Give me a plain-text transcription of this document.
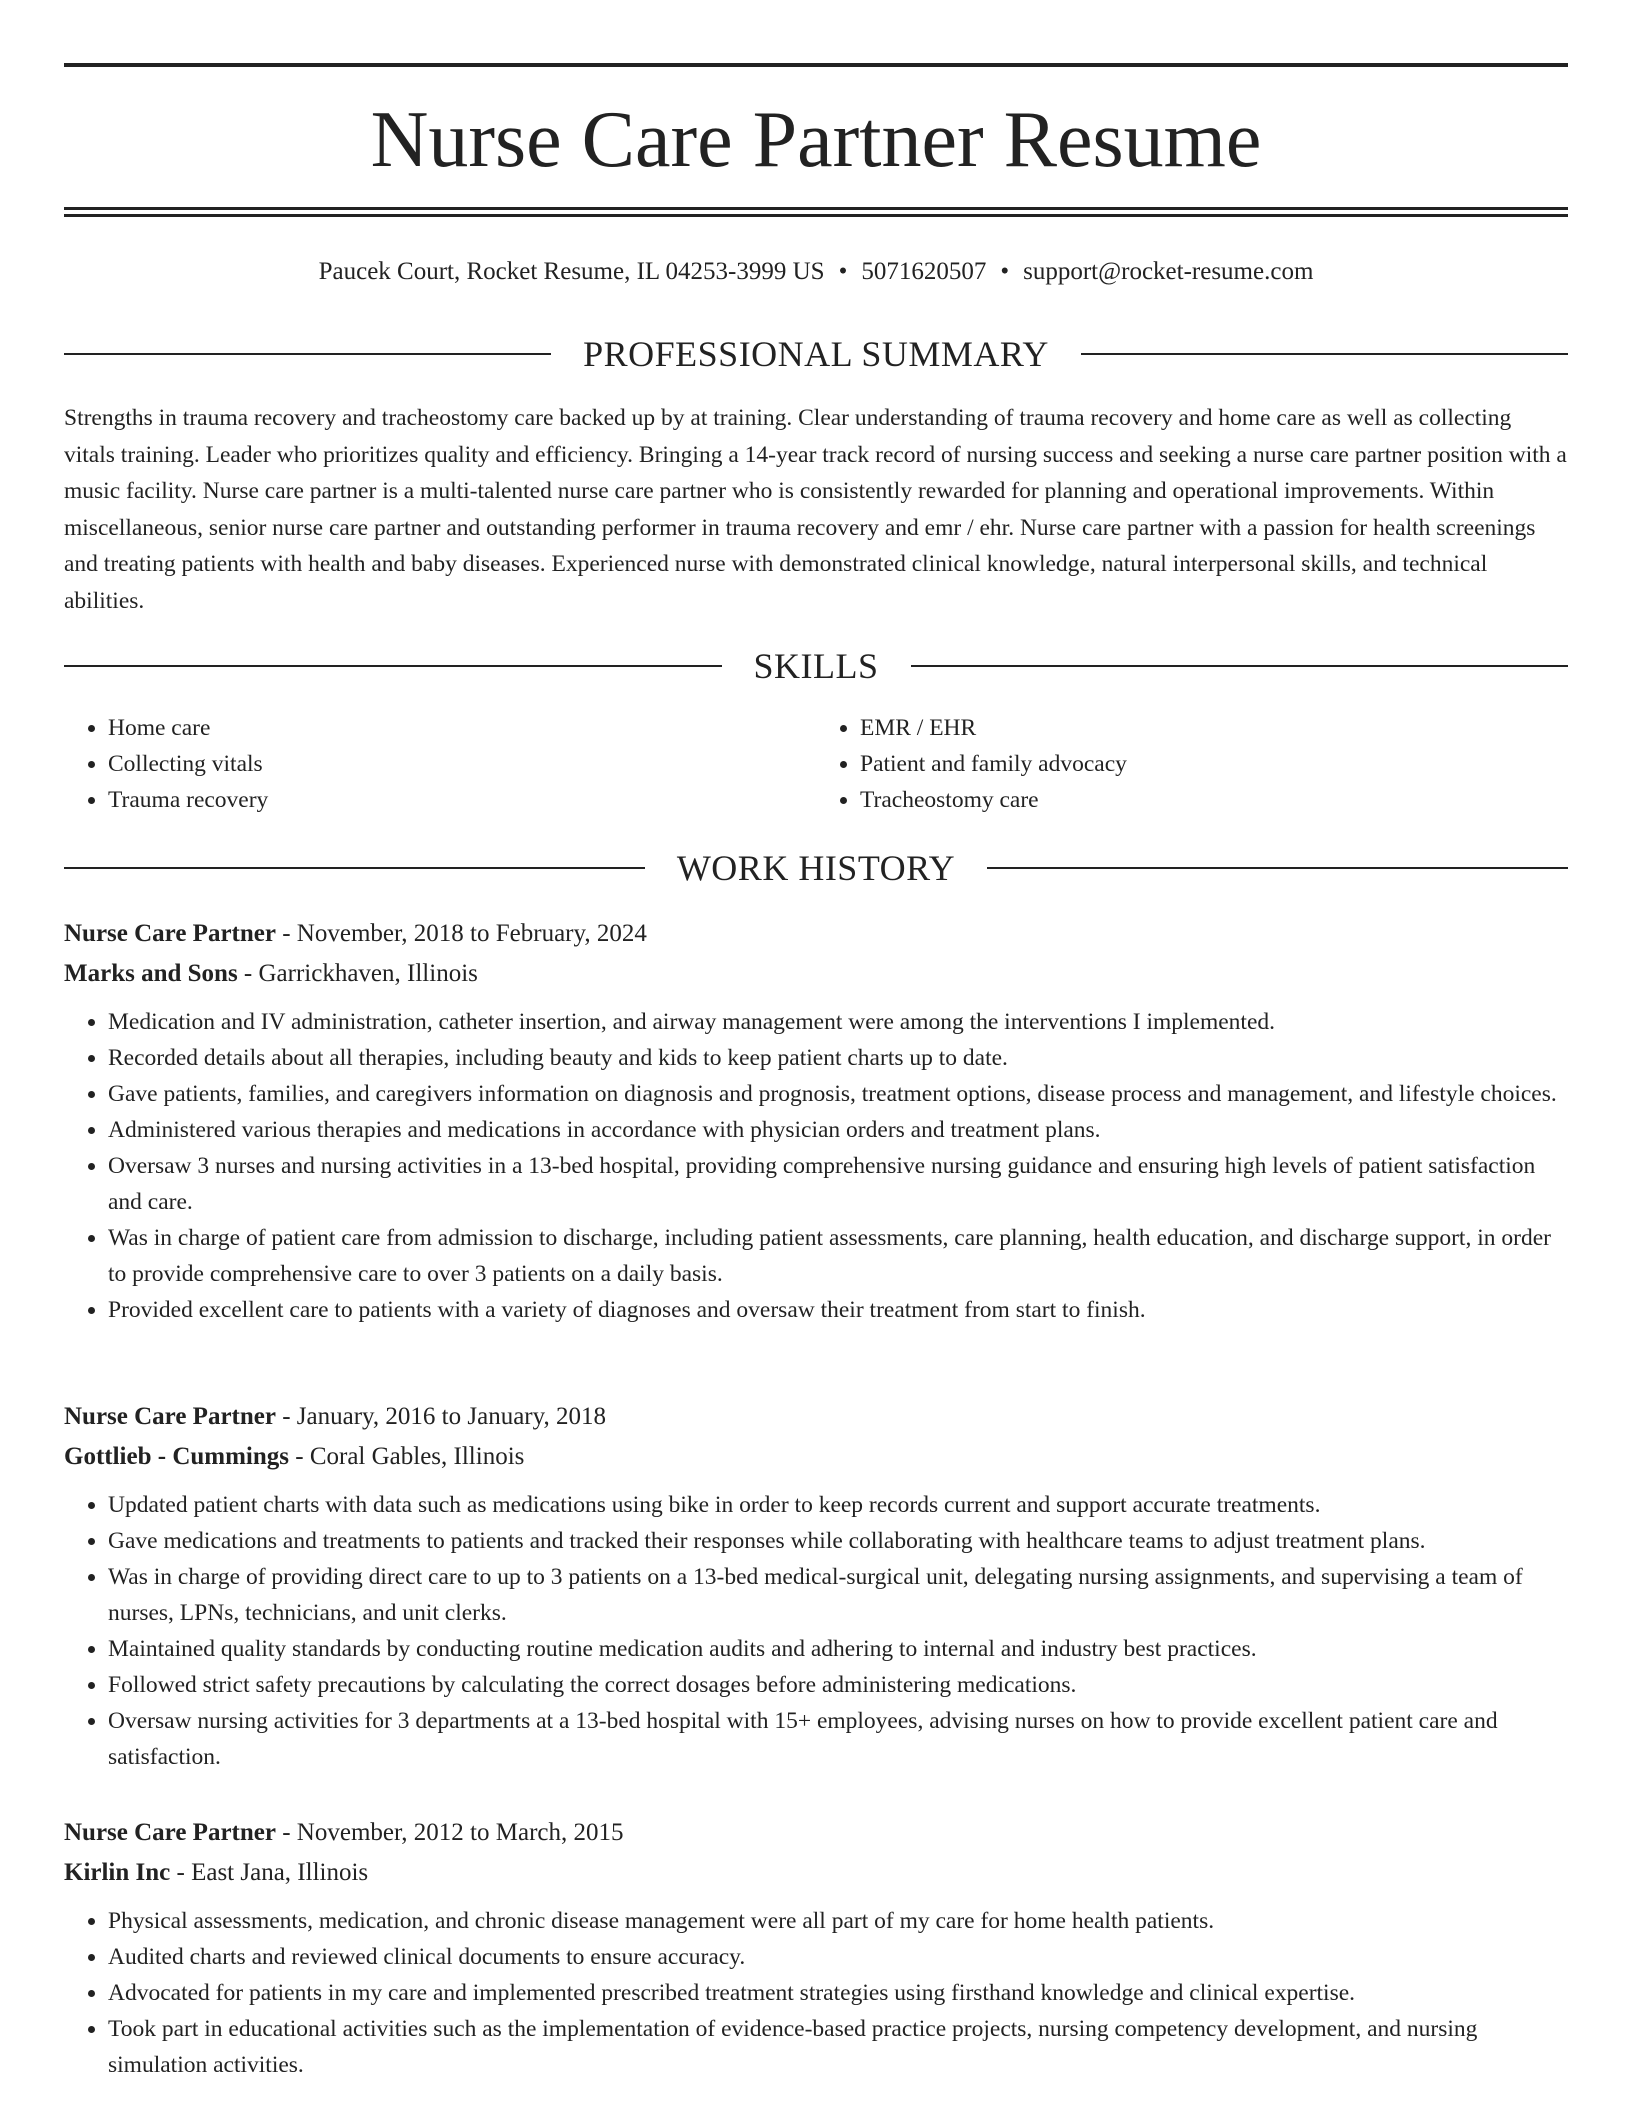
Nurse Care Partner Resume
Paucek Court, Rocket Resume, IL 04253-3999 US • 5071620507 • support@rocket-resume.com
PROFESSIONAL SUMMARY

Strengths in trauma recovery and tracheostomy care backed up by at training. Clear understanding of trauma recovery and home care as well as collecting vitals training. Leader who prioritizes quality and efficiency. Bringing a 14-year track record of nursing success and seeking a nurse care partner position with a music facility. Nurse care partner is a multi-talented nurse care partner who is consistently rewarded for planning and operational improvements. Within miscellaneous, senior nurse care partner and outstanding performer in trauma recovery and emr / ehr. Nurse care partner with a passion for health screenings and treating patients with health and baby diseases. Experienced nurse with demonstrated clinical knowledge, natural interpersonal skills, and technical abilities.

SKILLS
• Home care
• Collecting vitals
• Trauma recovery
• EMR / EHR
• Patient and family advocacy
• Tracheostomy care
WORK HISTORY
Nurse Care Partner - November, 2018 to February, 2024
Marks and Sons - Garrickhaven, Illinois
• Medication and IV administration, catheter insertion, and airway management were among the interventions I implemented.
• Recorded details about all therapies, including beauty and kids to keep patient charts up to date.
• Gave patients, families, and caregivers information on diagnosis and prognosis, treatment options, disease process and management, and lifestyle choices.
• Administered various therapies and medications in accordance with physician orders and treatment plans.
• Oversaw 3 nurses and nursing activities in a 13-bed hospital, providing comprehensive nursing guidance and ensuring high levels of patient satisfaction and care.
• Was in charge of patient care from admission to discharge, including patient assessments, care planning, health education, and discharge support, in order to provide comprehensive care to over 3 patients on a daily basis.
• Provided excellent care to patients with a variety of diagnoses and oversaw their treatment from start to finish.
Nurse Care Partner - January, 2016 to January, 2018
Gottlieb - Cummings - Coral Gables, Illinois
• Updated patient charts with data such as medications using bike in order to keep records current and support accurate treatments.
• Gave medications and treatments to patients and tracked their responses while collaborating with healthcare teams to adjust treatment plans.
• Was in charge of providing direct care to up to 3 patients on a 13-bed medical-surgical unit, delegating nursing assignments, and supervising a team of nurses, LPNs, technicians, and unit clerks.
• Maintained quality standards by conducting routine medication audits and adhering to internal and industry best practices.
• Followed strict safety precautions by calculating the correct dosages before administering medications.
• Oversaw nursing activities for 3 departments at a 13-bed hospital with 15+ employees, advising nurses on how to provide excellent patient care and satisfaction.
Nurse Care Partner - November, 2012 to March, 2015
Kirlin Inc - East Jana, Illinois
• Physical assessments, medication, and chronic disease management were all part of my care for home health patients.
• Audited charts and reviewed clinical documents to ensure accuracy.
• Advocated for patients in my care and implemented prescribed treatment strategies using firsthand knowledge and clinical expertise.
• Took part in educational activities such as the implementation of evidence-based practice projects, nursing competency development, and nursing simulation activities.
